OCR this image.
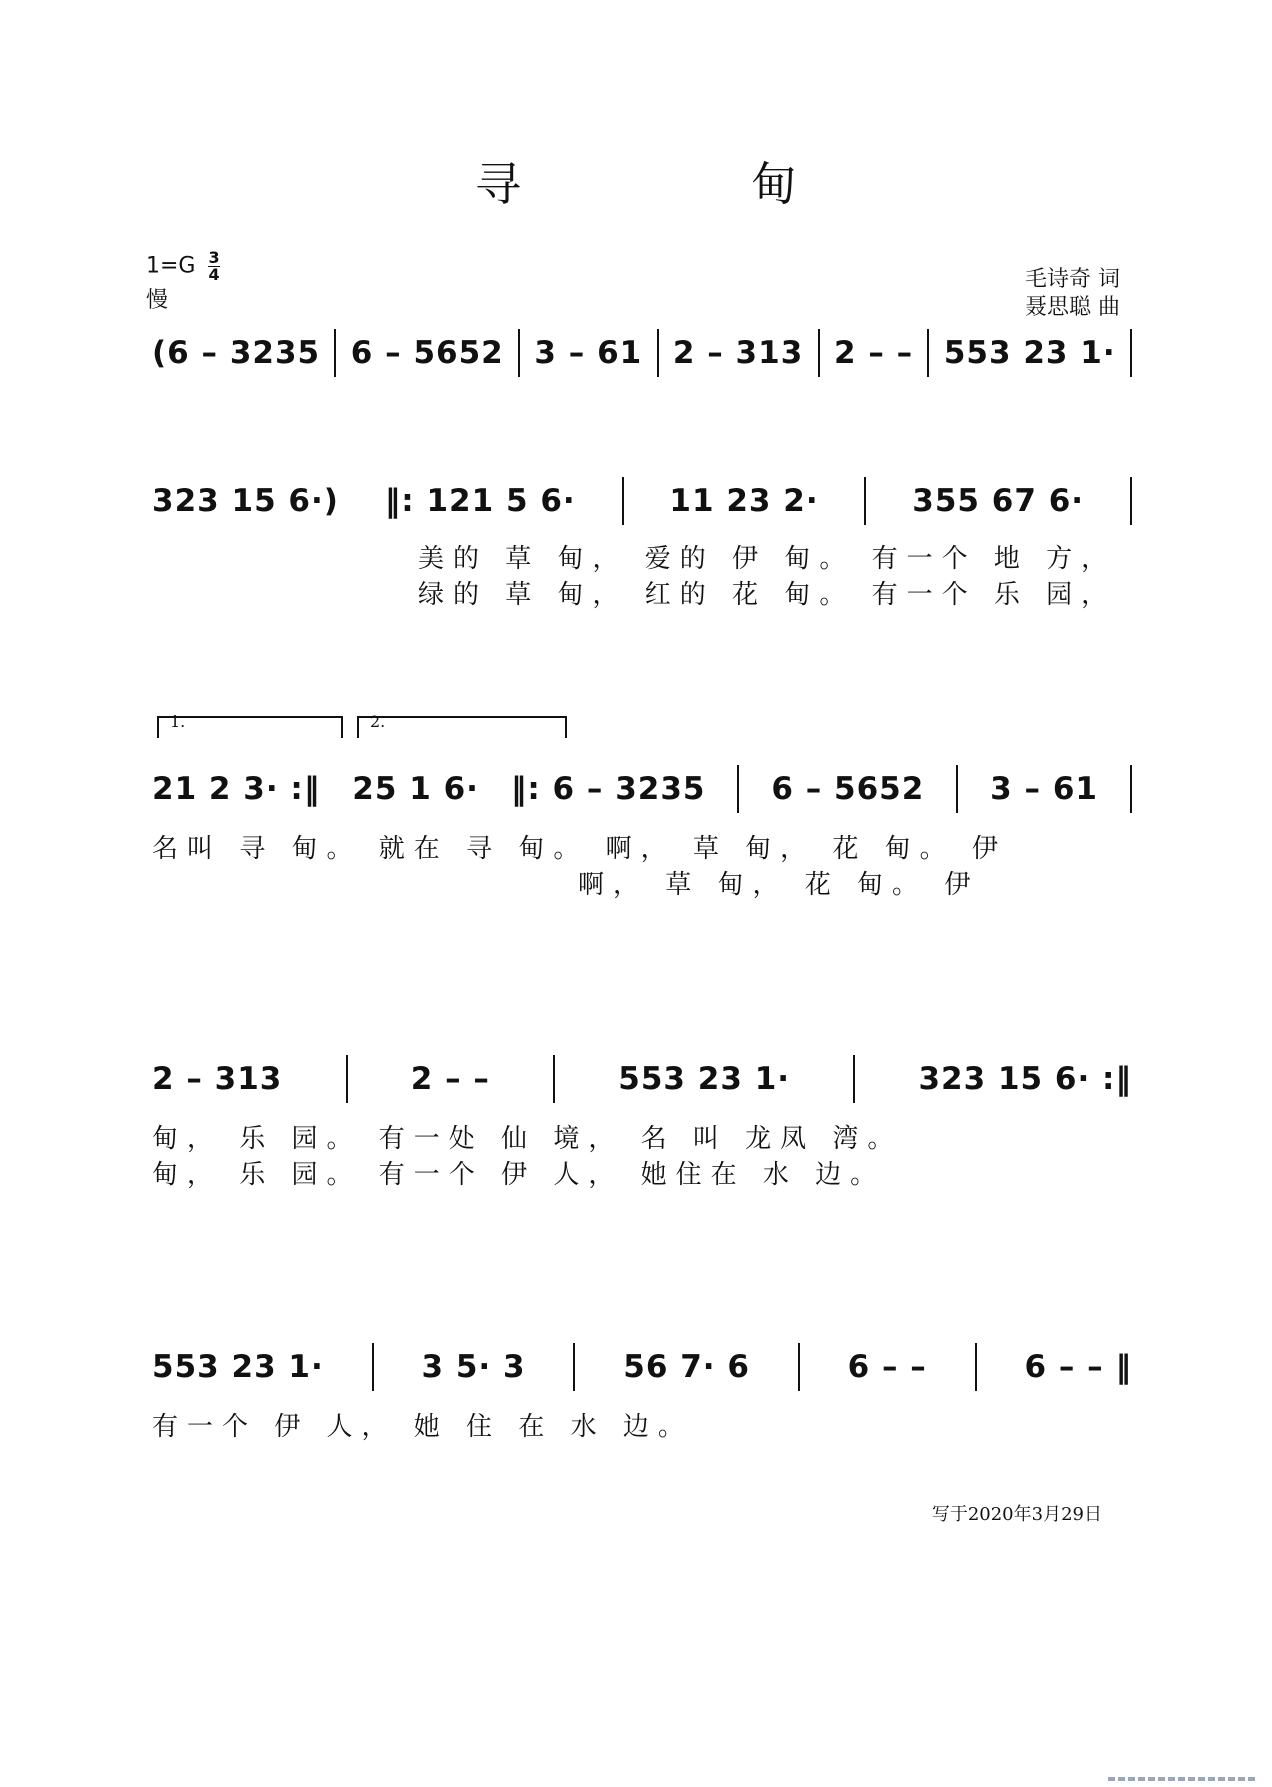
寻甸
$1=G \frac{3}{4}$
慢
毛诗奇 词
聂思聪 曲
(6 – 3235 6 – 5652 3 – 61 2 – 313 2 – – 553 23 1·
323 15 6·) ‖: 121 5 6·	11 23 2·	355 67 6·
美的 草 甸， 爱的 伊 甸。 有一个 地 方，
绿的 草 甸， 红的 花 甸。 有一个 乐 园，
1.	2.
21 2 3· :‖ 25 1 6· ‖: 6 – 3235 6 – 5652 3 – 61
名叫 寻 甸。 就在 寻 甸。 啊， 草 甸， 花 甸。 伊
啊， 草 甸， 花 甸。 伊
2 – 313	2 – –	553 23 1·	323 15 6· :‖
甸， 乐 园。 有一处 仙 境， 名 叫 龙凤 湾。
甸， 乐 园。 有一个 伊 人， 她住在 水 边。
553 23 1·	3 5· 3	56 7· 6	6 – –	6 – – ‖
有一个 伊 人， 她 住 在 水 边。
写于2020年3月29日
